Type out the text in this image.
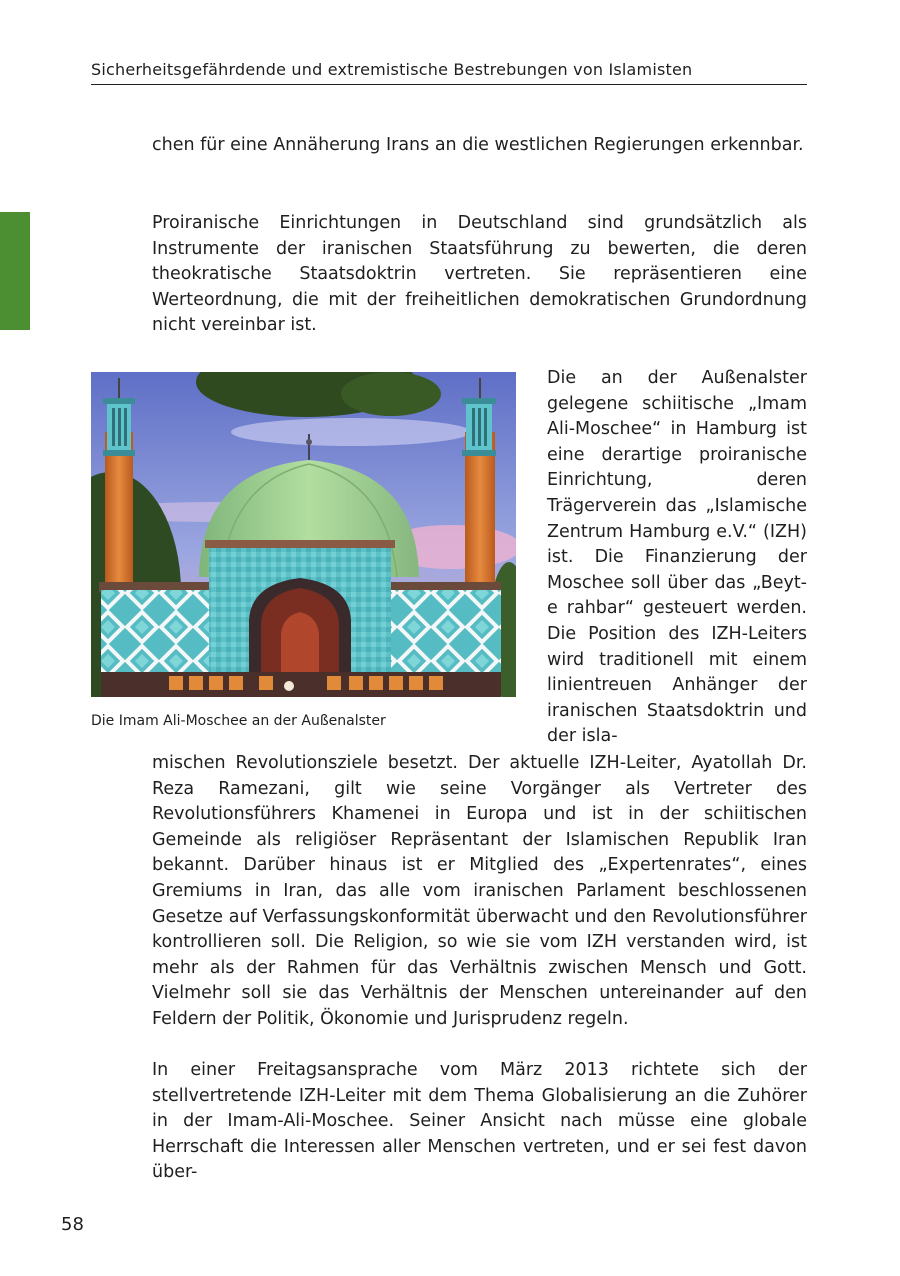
Sicherheitsgefährdende und extremistische Bestrebungen von Islamisten

chen für eine Annäherung Irans an die westlichen Regierungen erkennbar.

Proiranische Einrichtungen in Deutschland sind grundsätzlich als Instrumente der iranischen Staatsführung zu bewerten, die deren theokratische Staatsdoktrin vertreten. Sie repräsentieren eine Werteordnung, die mit der freiheitlichen demokratischen Grundordnung nicht vereinbar ist.

Die Imam Ali-Moschee an der Außenalster

Die an der Außenalster gelegene schiitische „Imam Ali-Moschee“ in Hamburg ist eine derartige proiranische Einrichtung, deren Trägerverein das „Islamische Zentrum Hamburg e.V.“ (IZH) ist. Die Finanzierung der Moschee soll über das „Beyt-e rahbar“ gesteuert werden. Die Position des IZH-Leiters wird traditionell mit einem linientreuen Anhänger der iranischen Staatsdoktrin und der isla-

mischen Revolutionsziele besetzt. Der aktuelle IZH-Leiter, Ayatollah Dr. Reza Ramezani, gilt wie seine Vorgänger als Vertreter des Revolutionsführers Khamenei in Europa und ist in der schiitischen Gemeinde als religiöser Repräsentant der Islamischen Republik Iran bekannt. Darüber hinaus ist er Mitglied des „Expertenrates“, eines Gremiums in Iran, das alle vom iranischen Parlament beschlossenen Gesetze auf Verfassungskonformität überwacht und den Revolutionsführer kontrollieren soll. Die Religion, so wie sie vom IZH verstanden wird, ist mehr als der Rahmen für das Verhältnis zwischen Mensch und Gott. Vielmehr soll sie das Verhältnis der Menschen untereinander auf den Feldern der Politik, Ökonomie und Jurisprudenz regeln.

In einer Freitagsansprache vom März 2013 richtete sich der stellvertretende IZH-Leiter mit dem Thema Globalisierung an die Zuhörer in der Imam-Ali-Moschee. Seiner Ansicht nach müsse eine globale Herrschaft die Interessen aller Menschen vertreten, und er sei fest davon über-

58
